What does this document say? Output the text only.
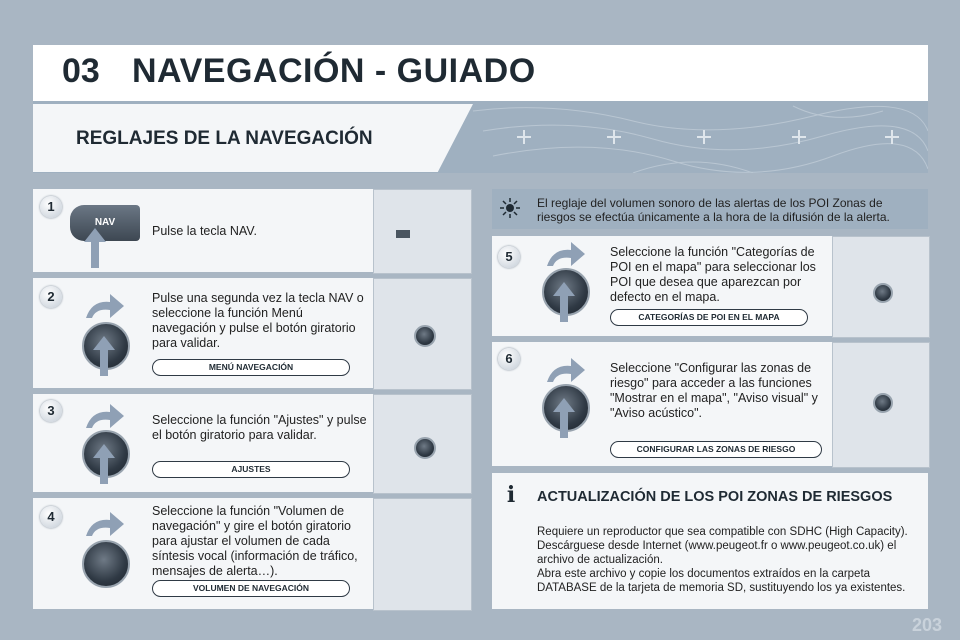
03 NAVEGACIÓN - GUIADO
REGLAJES DE LA NAVEGACIÓN
1
NAV
Pulse la tecla NAV.
2	Pulse una segunda vez la tecla NAV o seleccione la función Menú navegación y pulse el botón giratorio para validar.
MENÚ NAVEGACIÓN
3
Seleccione la función "Ajustes" y pulse el botón giratorio para validar.
AJUSTES
4	Seleccione la función "Volumen de navegación" y gire el botón giratorio para ajustar el volumen de cada síntesis vocal (información de tráfico, mensajes de alerta…).
VOLUMEN DE NAVEGACIÓN
El reglaje del volumen sonoro de las alertas de los POI Zonas de riesgos se efectúa únicamente a la hora de la difusión de la alerta.
5	Seleccione la función "Categorías de POI en el mapa" para seleccionar los POI que desea que aparezcan por defecto en el mapa.
CATEGORÍAS DE POI EN EL MAPA
6
Seleccione "Configurar las zonas de riesgo" para acceder a las funciones "Mostrar en el mapa", "Aviso visual" y "Aviso acústico".
CONFIGURAR LAS ZONAS DE RIESGO
i	ACTUALIZACIÓN DE LOS POI ZONAS DE RIESGOS
Requiere un reproductor que sea compatible con SDHC (High Capacity). Descárguese desde Internet (www.peugeot.fr o www.peugeot.co.uk) el archivo de actualización.
Abra este archivo y copie los documentos extraídos en la carpeta DATABASE de la tarjeta de memoria SD, sustituyendo los ya existentes.
203
